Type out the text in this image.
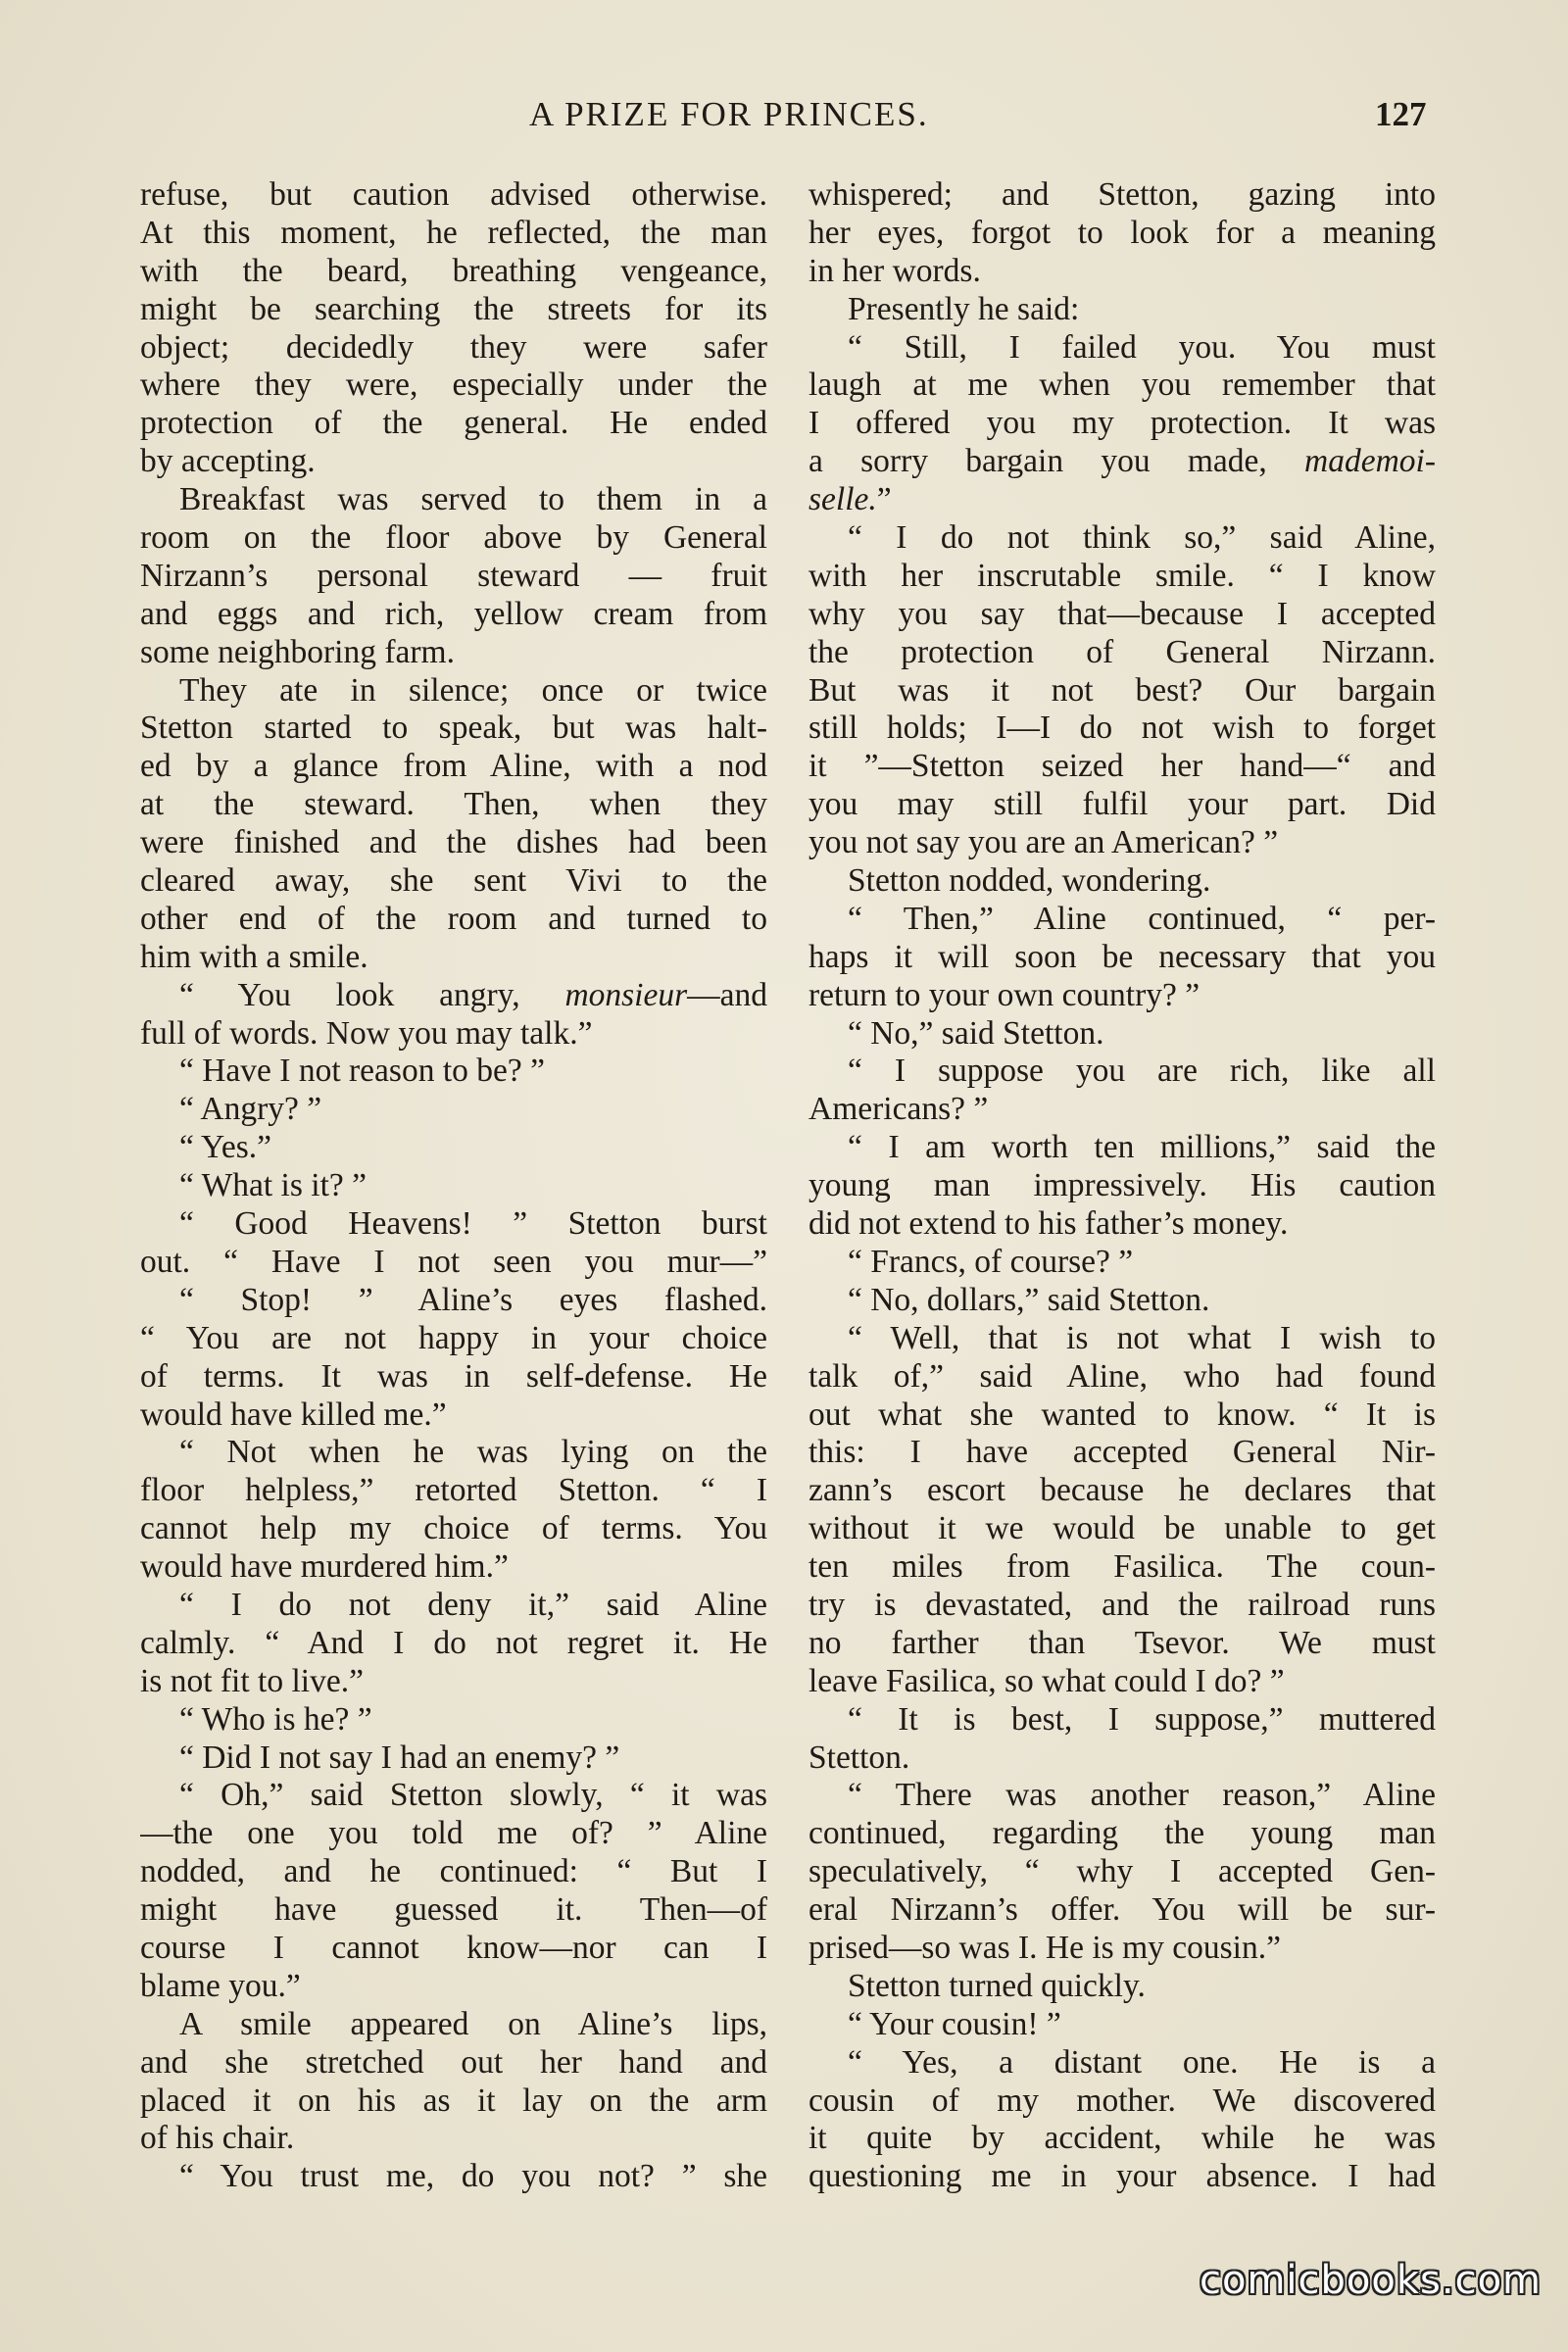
A PRIZE FOR PRINCES.	127
refuse, but caution advised otherwise.
At this moment, he reflected, the man
with the beard, breathing vengeance,
might be searching the streets for its
object; decidedly they were safer
where they were, especially under the
protection of the general. He ended
by accepting.
Breakfast was served to them in a
room on the floor above by General
Nirzann’s personal steward — fruit
and eggs and rich, yellow cream from
some neighboring farm.
They ate in silence; once or twice
Stetton started to speak, but was halt-
ed by a glance from Aline, with a nod
at the steward. Then, when they
were finished and the dishes had been
cleared away, she sent Vivi to the
other end of the room and turned to
him with a smile.
“ You look angry, monsieur—and
full of words. Now you may talk.”
“ Have I not reason to be? ”
“ Angry? ”
“ Yes.”
“ What is it? ”
“ Good Heavens! ” Stetton burst
out. “ Have I not seen you mur—”
“ Stop! ” Aline’s eyes flashed.
“ You are not happy in your choice
of terms. It was in self-defense. He
would have killed me.”
“ Not when he was lying on the
floor helpless,” retorted Stetton. “ I
cannot help my choice of terms. You
would have murdered him.”
“ I do not deny it,” said Aline
calmly. “ And I do not regret it. He
is not fit to live.”
“ Who is he? ”
“ Did I not say I had an enemy? ”
“ Oh,” said Stetton slowly, “ it was
—the one you told me of? ” Aline
nodded, and he continued: “ But I
might have guessed it. Then—of
course I cannot know—nor can I
blame you.”
A smile appeared on Aline’s lips,
and she stretched out her hand and
placed it on his as it lay on the arm
of his chair.
“ You trust me, do you not? ” she
whispered; and Stetton, gazing into
her eyes, forgot to look for a meaning
in her words.
Presently he said:
“ Still, I failed you. You must
laugh at me when you remember that
I offered you my protection. It was
a sorry bargain you made, mademoi-
selle.”
“ I do not think so,” said Aline,
with her inscrutable smile. “ I know
why you say that—because I accepted
the protection of General Nirzann.
But was it not best? Our bargain
still holds; I—I do not wish to forget
it ”—Stetton seized her hand—“ and
you may still fulfil your part. Did
you not say you are an American? ”
Stetton nodded, wondering.
“ Then,” Aline continued, “ per-
haps it will soon be necessary that you
return to your own country? ”
“ No,” said Stetton.
“ I suppose you are rich, like all
Americans? ”
“ I am worth ten millions,” said the
young man impressively. His caution
did not extend to his father’s money.
“ Francs, of course? ”
“ No, dollars,” said Stetton.
“ Well, that is not what I wish to
talk of,” said Aline, who had found
out what she wanted to know. “ It is
this: I have accepted General Nir-
zann’s escort because he declares that
without it we would be unable to get
ten miles from Fasilica. The coun-
try is devastated, and the railroad runs
no farther than Tsevor. We must
leave Fasilica, so what could I do? ”
“ It is best, I suppose,” muttered
Stetton.
“ There was another reason,” Aline
continued, regarding the young man
speculatively, “ why I accepted Gen-
eral Nirzann’s offer. You will be sur-
prised—so was I. He is my cousin.”
Stetton turned quickly.
“ Your cousin! ”
“ Yes, a distant one. He is a
cousin of my mother. We discovered
it quite by accident, while he was
questioning me in your absence. I had
comicbooks.com
